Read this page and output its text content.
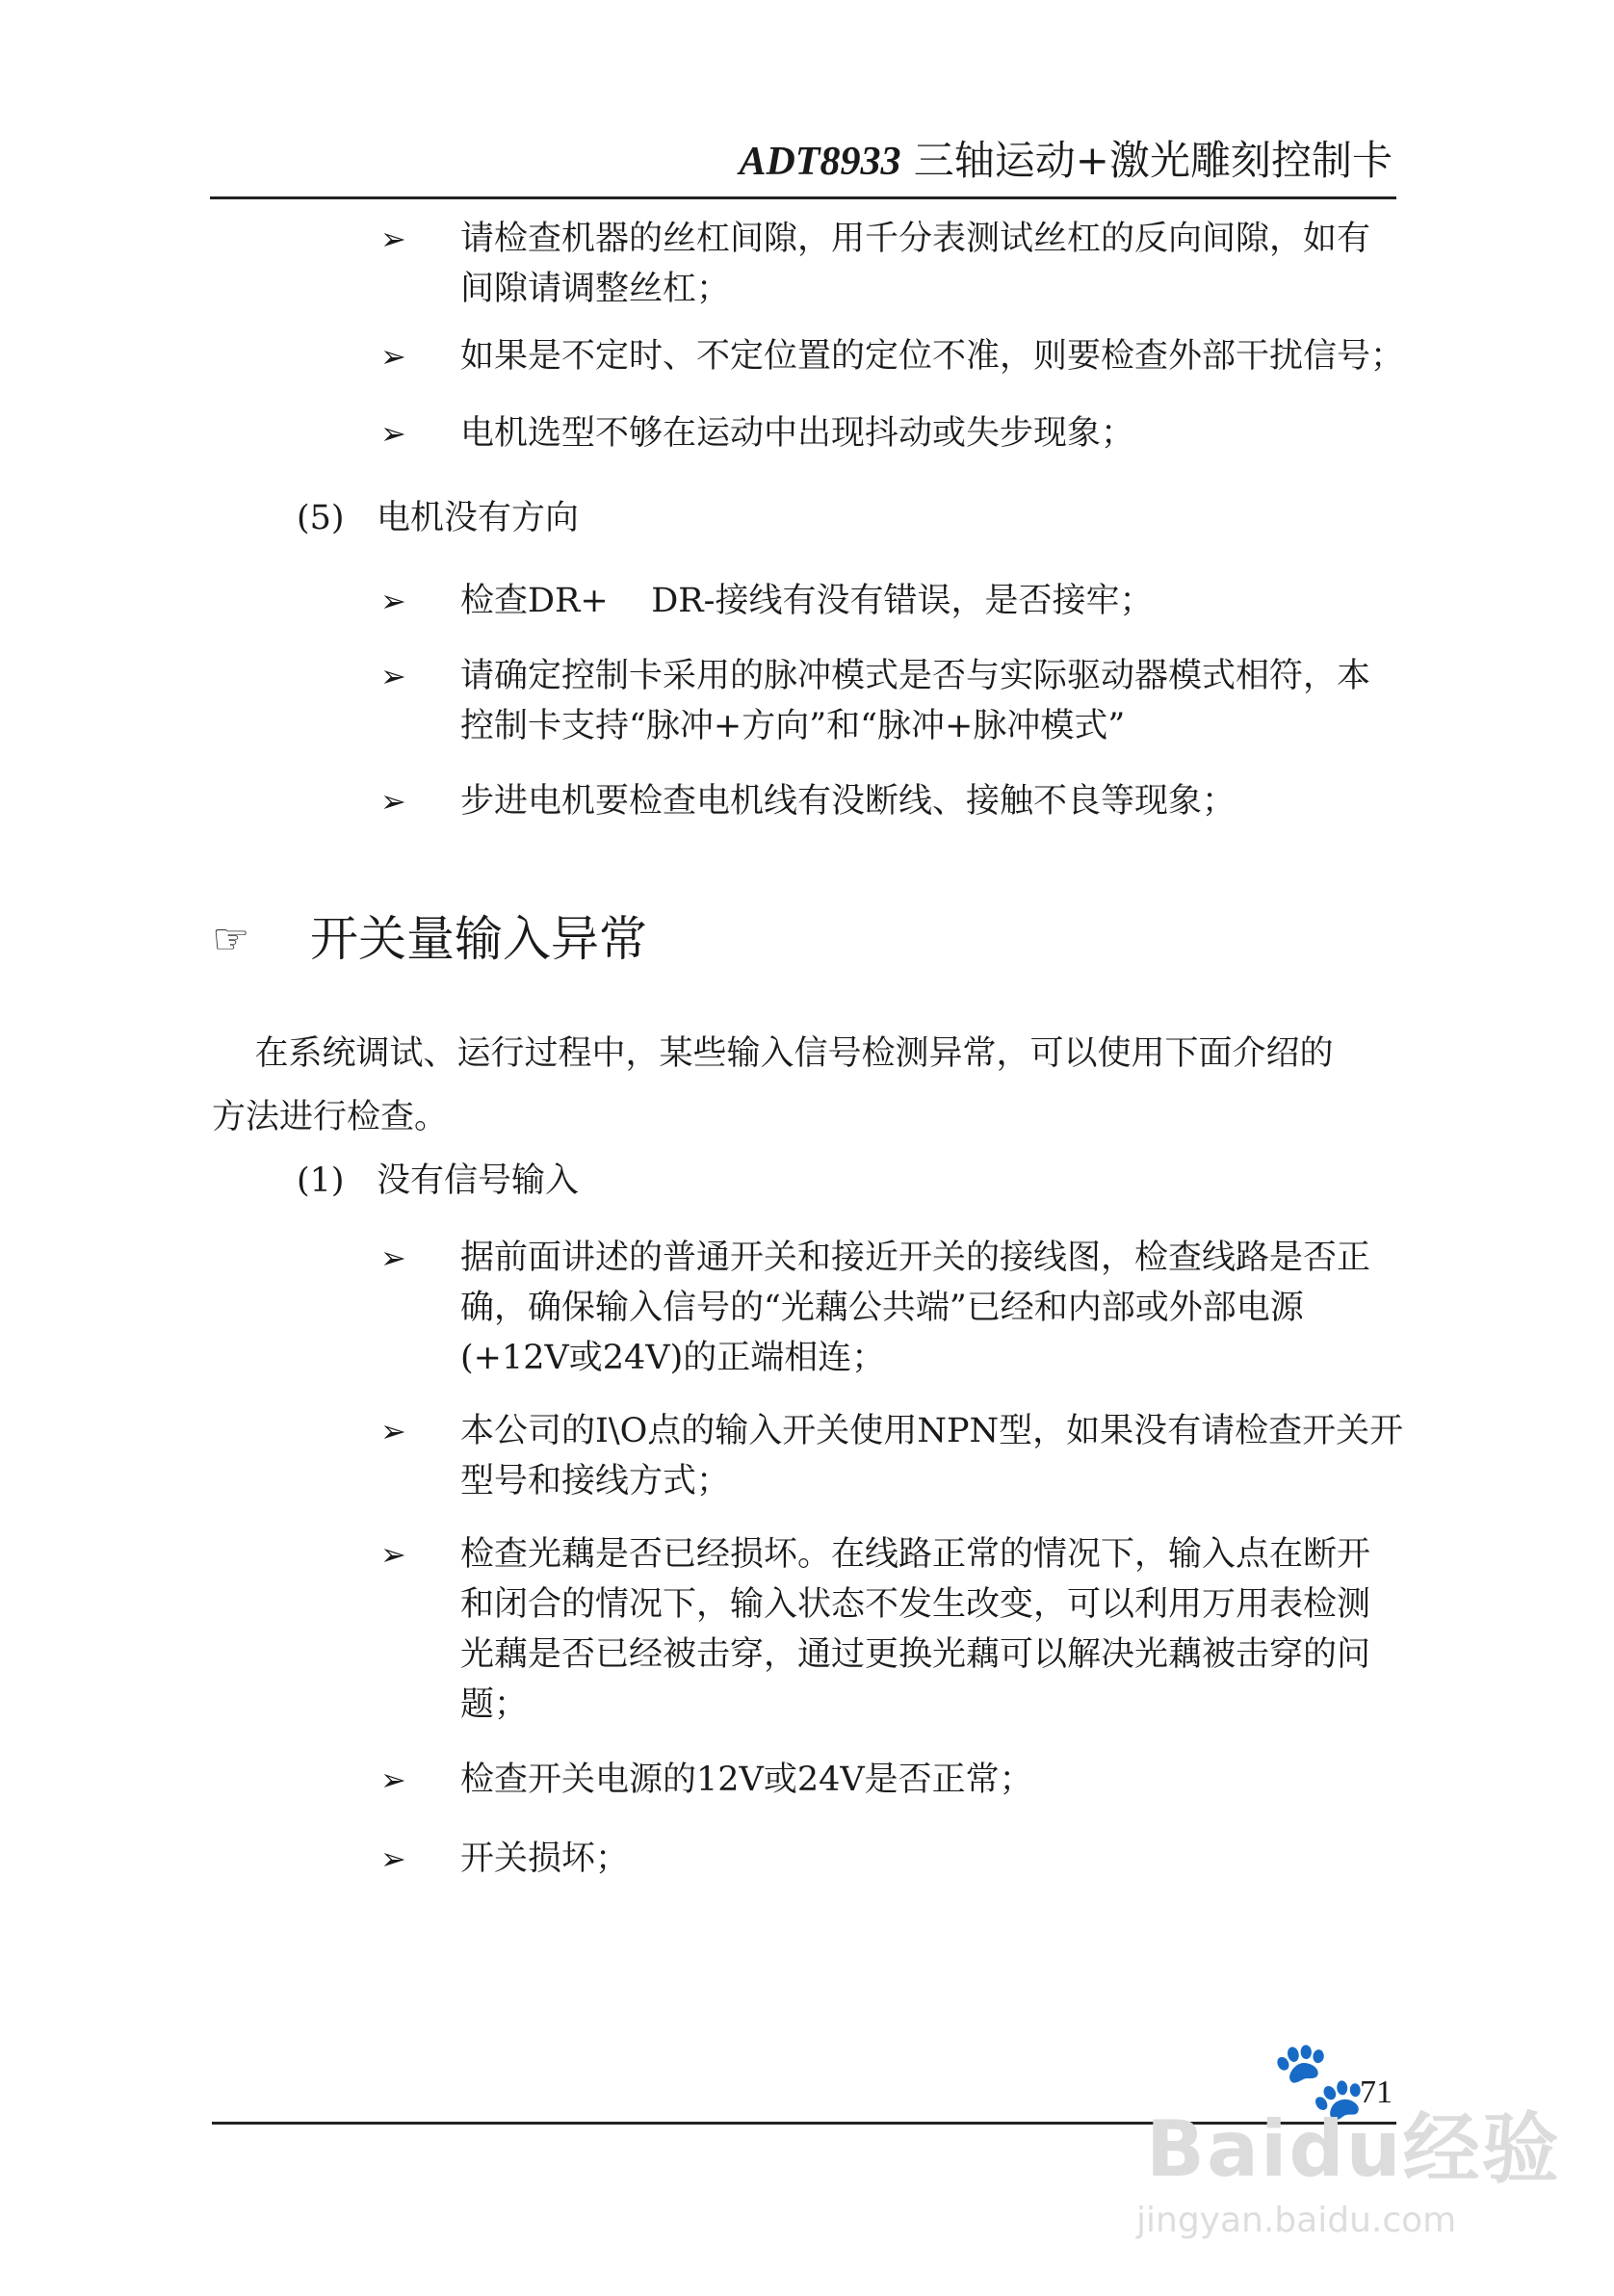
ADT8933 三轴运动+激光雕刻控制卡
➢ 请检查机器的丝杠间隙，用千分表测试丝杠的反向间隙，如有
间隙请调整丝杠；
➢ 如果是不定时、不定位置的定位不准，则要检查外部干扰信号；
➢ 电机选型不够在运动中出现抖动或失步现象；
(5) 电机没有方向
➢ 检查DR+    DR-接线有没有错误，是否接牢；
➢ 请确定控制卡采用的脉冲模式是否与实际驱动器模式相符，本
控制卡支持“脉冲+方向”和“脉冲+脉冲模式”
➢ 步进电机要检查电机线有没断线、接触不良等现象；
☞ 开关量输入异常
在系统调试、运行过程中，某些输入信号检测异常，可以使用下面介绍的
方法进行检查。
(1) 没有信号输入
➢ 据前面讲述的普通开关和接近开关的接线图，检查线路是否正
确，确保输入信号的“光藕公共端”已经和内部或外部电源
(+12V或24V)的正端相连；
➢ 本公司的I\O点的输入开关使用NPN型，如果没有请检查开关开
型号和接线方式；
➢ 检查光藕是否已经损坏。在线路正常的情况下，输入点在断开
和闭合的情况下，输入状态不发生改变，可以利用万用表检测
光藕是否已经被击穿，通过更换光藕可以解决光藕被击穿的问
题；
➢ 检查开关电源的12V或24V是否正常；
➢ 开关损坏；
71
🐾
Baidu经验
jingyan.baidu.com
